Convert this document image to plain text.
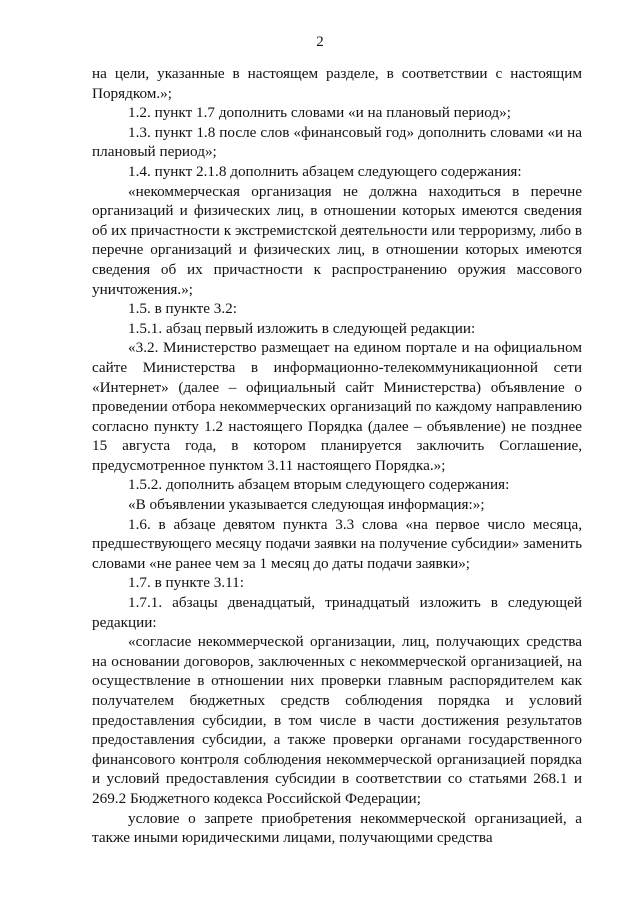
2

на цели, указанные в настоящем разделе, в соответствии с настоящим Порядком.»;

1.2. пункт 1.7 дополнить словами «и на плановый период»;

1.3. пункт 1.8 после слов «финансовый год» дополнить словами «и на плановый период»;

1.4. пункт 2.1.8 дополнить абзацем следующего содержания:

«некоммерческая организация не должна находиться в перечне организаций и физических лиц, в отношении которых имеются сведения об их причастности к экстремистской деятельности или терроризму, либо в перечне организаций и физических лиц, в отношении которых имеются сведения об их причастности к распространению оружия массового уничтожения.»;

1.5. в пункте 3.2:

1.5.1. абзац первый изложить в следующей редакции:

«3.2. Министерство размещает на едином портале и на официальном сайте Министерства в информационно-телекоммуникационной сети «Интернет» (далее – официальный сайт Министерства) объявление о проведении отбора некоммерческих организаций по каждому направлению согласно пункту 1.2 настоящего Порядка (далее – объявление) не позднее 15 августа года, в котором планируется заключить Соглашение, предусмотренное пунктом 3.11 настоящего Порядка.»;

1.5.2. дополнить абзацем вторым следующего содержания:

«В объявлении указывается следующая информация:»;

1.6. в абзаце девятом пункта 3.3 слова «на первое число месяца, предшествующего месяцу подачи заявки на получение субсидии» заменить словами «не ранее чем за 1 месяц до даты подачи заявки»;

1.7. в пункте 3.11:

1.7.1. абзацы двенадцатый, тринадцатый изложить в следующей редакции:

«согласие некоммерческой организации, лиц, получающих средства на основании договоров, заключенных с некоммерческой организацией, на осуществление в отношении них проверки главным распорядителем как получателем бюджетных средств соблюдения порядка и условий предоставления субсидии, в том числе в части достижения результатов предоставления субсидии, а также проверки органами государственного финансового контроля соблюдения некоммерческой организацией порядка и условий предоставления субсидии в соответствии со статьями 268.1 и 269.2 Бюджетного кодекса Российской Федерации;

условие о запрете приобретения некоммерческой организацией, а также иными юридическими лицами, получающими средства
